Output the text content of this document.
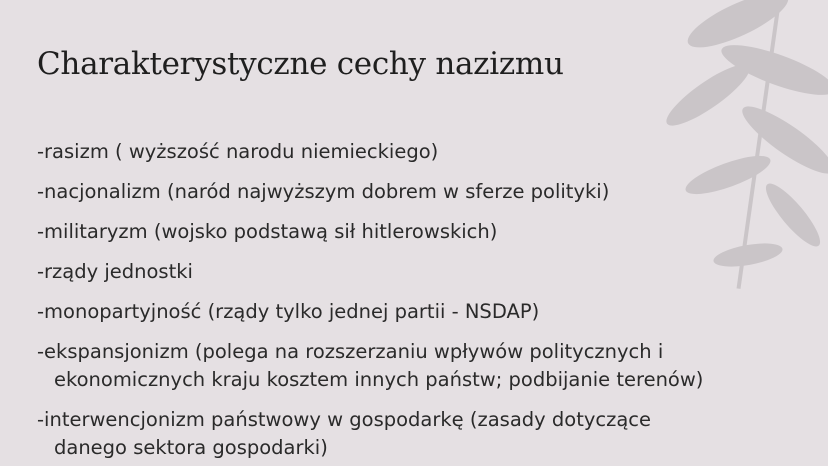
Charakterystyczne cechy nazizmu
-rasizm ( wyższość narodu niemieckiego)
-nacjonalizm (naród najwyższym dobrem w sferze polityki)
-militaryzm (wojsko podstawą sił hitlerowskich)
-rządy jednostki
-monopartyjność (rządy tylko jednej partii - NSDAP)
-ekspansjonizm (polega na rozszerzaniu wpływów politycznych i
ekonomicznych kraju kosztem innych państw; podbijanie terenów)
-interwencjonizm państwowy w gospodarkę (zasady dotyczące
danego sektora gospodarki)
